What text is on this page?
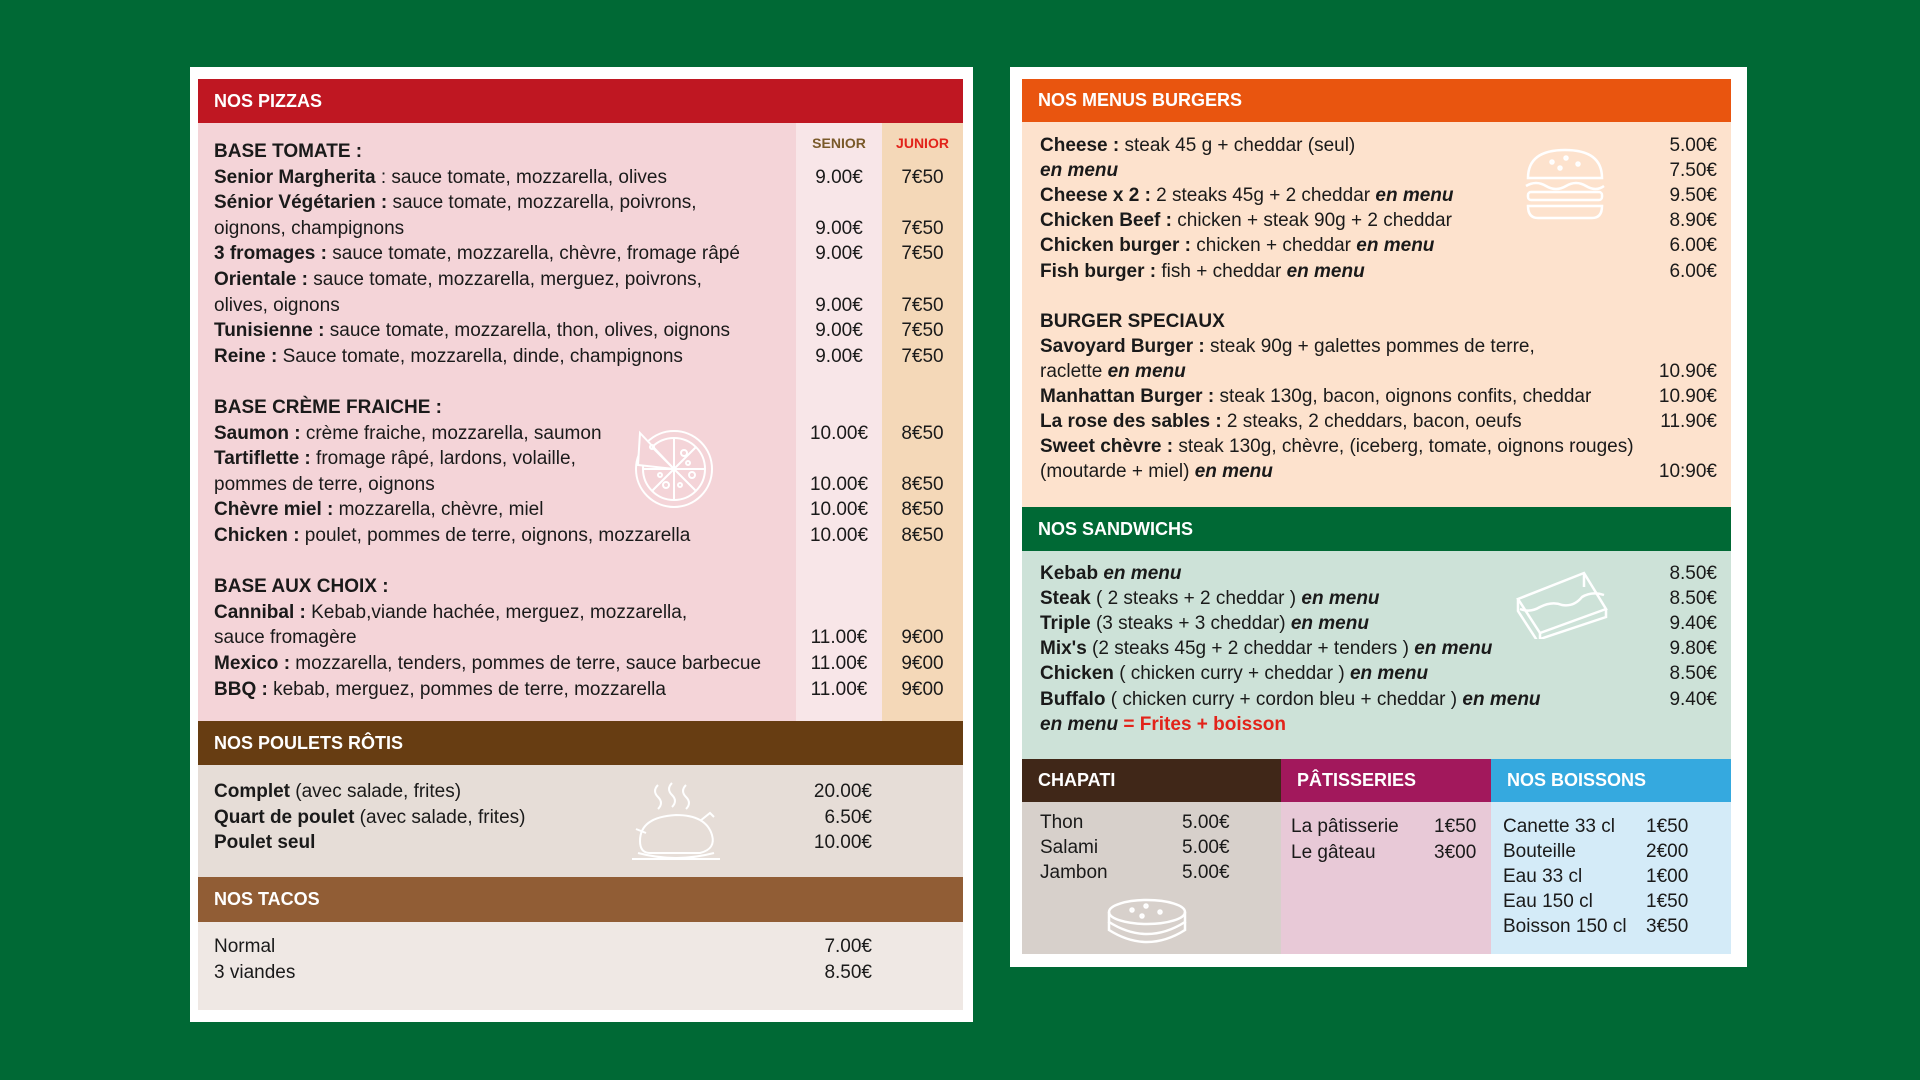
NOS PIZZAS
SENIOR	JUNIOR
BASE TOMATE :
Senior Margherita : sauce tomate, mozzarella, olives	9.00€	7€50
Sénior Végétarien : sauce tomate, mozzarella, poivrons,
oignons, champignons	9.00€	7€50
3 fromages : sauce tomate, mozzarella, chèvre, fromage râpé	9.00€	7€50
Orientale : sauce tomate, mozzarella, merguez, poivrons,
olives, oignons	9.00€	7€50
Tunisienne : sauce tomate, mozzarella, thon, olives, oignons	9.00€	7€50
Reine : Sauce tomate, mozzarella, dinde, champignons	9.00€	7€50
BASE CRÈME FRAICHE :
Saumon : crème fraiche, mozzarella, saumon	10.00€	8€50
Tartiflette : fromage râpé, lardons, volaille,
pommes de terre, oignons	10.00€	8€50
Chèvre miel : mozzarella, chèvre, miel	10.00€	8€50
Chicken : poulet, pommes de terre, oignons, mozzarella	10.00€	8€50
BASE AUX CHOIX :
Cannibal : Kebab,viande hachée, merguez, mozzarella,
sauce fromagère	11.00€	9€00
Mexico : mozzarella, tenders, pommes de terre, sauce barbecue	11.00€	9€00
BBQ : kebab, merguez, pommes de terre, mozzarella	11.00€	9€00
NOS POULETS RÔTIS
Complet (avec salade, frites)	20.00€
Quart de poulet (avec salade, frites)	6.50€
Poulet seul	10.00€
NOS TACOS
Normal	7.00€
3 viandes	8.50€
NOS MENUS BURGERS
Cheese : steak 45 g + cheddar (seul)	5.00€
en menu	7.50€
Cheese x 2 : 2 steaks 45g + 2 cheddar en menu	9.50€
Chicken Beef : chicken + steak 90g + 2 cheddar	8.90€
Chicken burger : chicken + cheddar en menu	6.00€
Fish burger : fish + cheddar en menu	6.00€
BURGER SPECIAUX
Savoyard Burger : steak 90g + galettes pommes de terre,
raclette en menu	10.90€
Manhattan Burger : steak 130g, bacon, oignons confits, cheddar	10.90€
La rose des sables : 2 steaks, 2 cheddars, bacon, oeufs	11.90€
Sweet chèvre : steak 130g, chèvre, (iceberg, tomate, oignons rouges)
(moutarde + miel) en menu	10:90€
NOS SANDWICHS
Kebab en menu	8.50€
Steak ( 2 steaks + 2 cheddar ) en menu	8.50€
Triple (3 steaks + 3 cheddar) en menu	9.40€
Mix's (2 steaks 45g + 2 cheddar + tenders ) en menu	9.80€
Chicken ( chicken curry + cheddar ) en menu	8.50€
Buffalo ( chicken curry + cordon bleu + cheddar ) en menu	9.40€
en menu = Frites + boisson
CHAPATI
Thon	5.00€
Salami	5.00€
Jambon	5.00€
PÂTISSERIES
La pâtisserie 1€50
Le gâteau	3€00
NOS BOISSONS
Canette 33 cl 1€50
Bouteille	2€00
Eau 33 cl	1€00
Eau 150 cl	1€50
Boisson 150 cl 3€50
